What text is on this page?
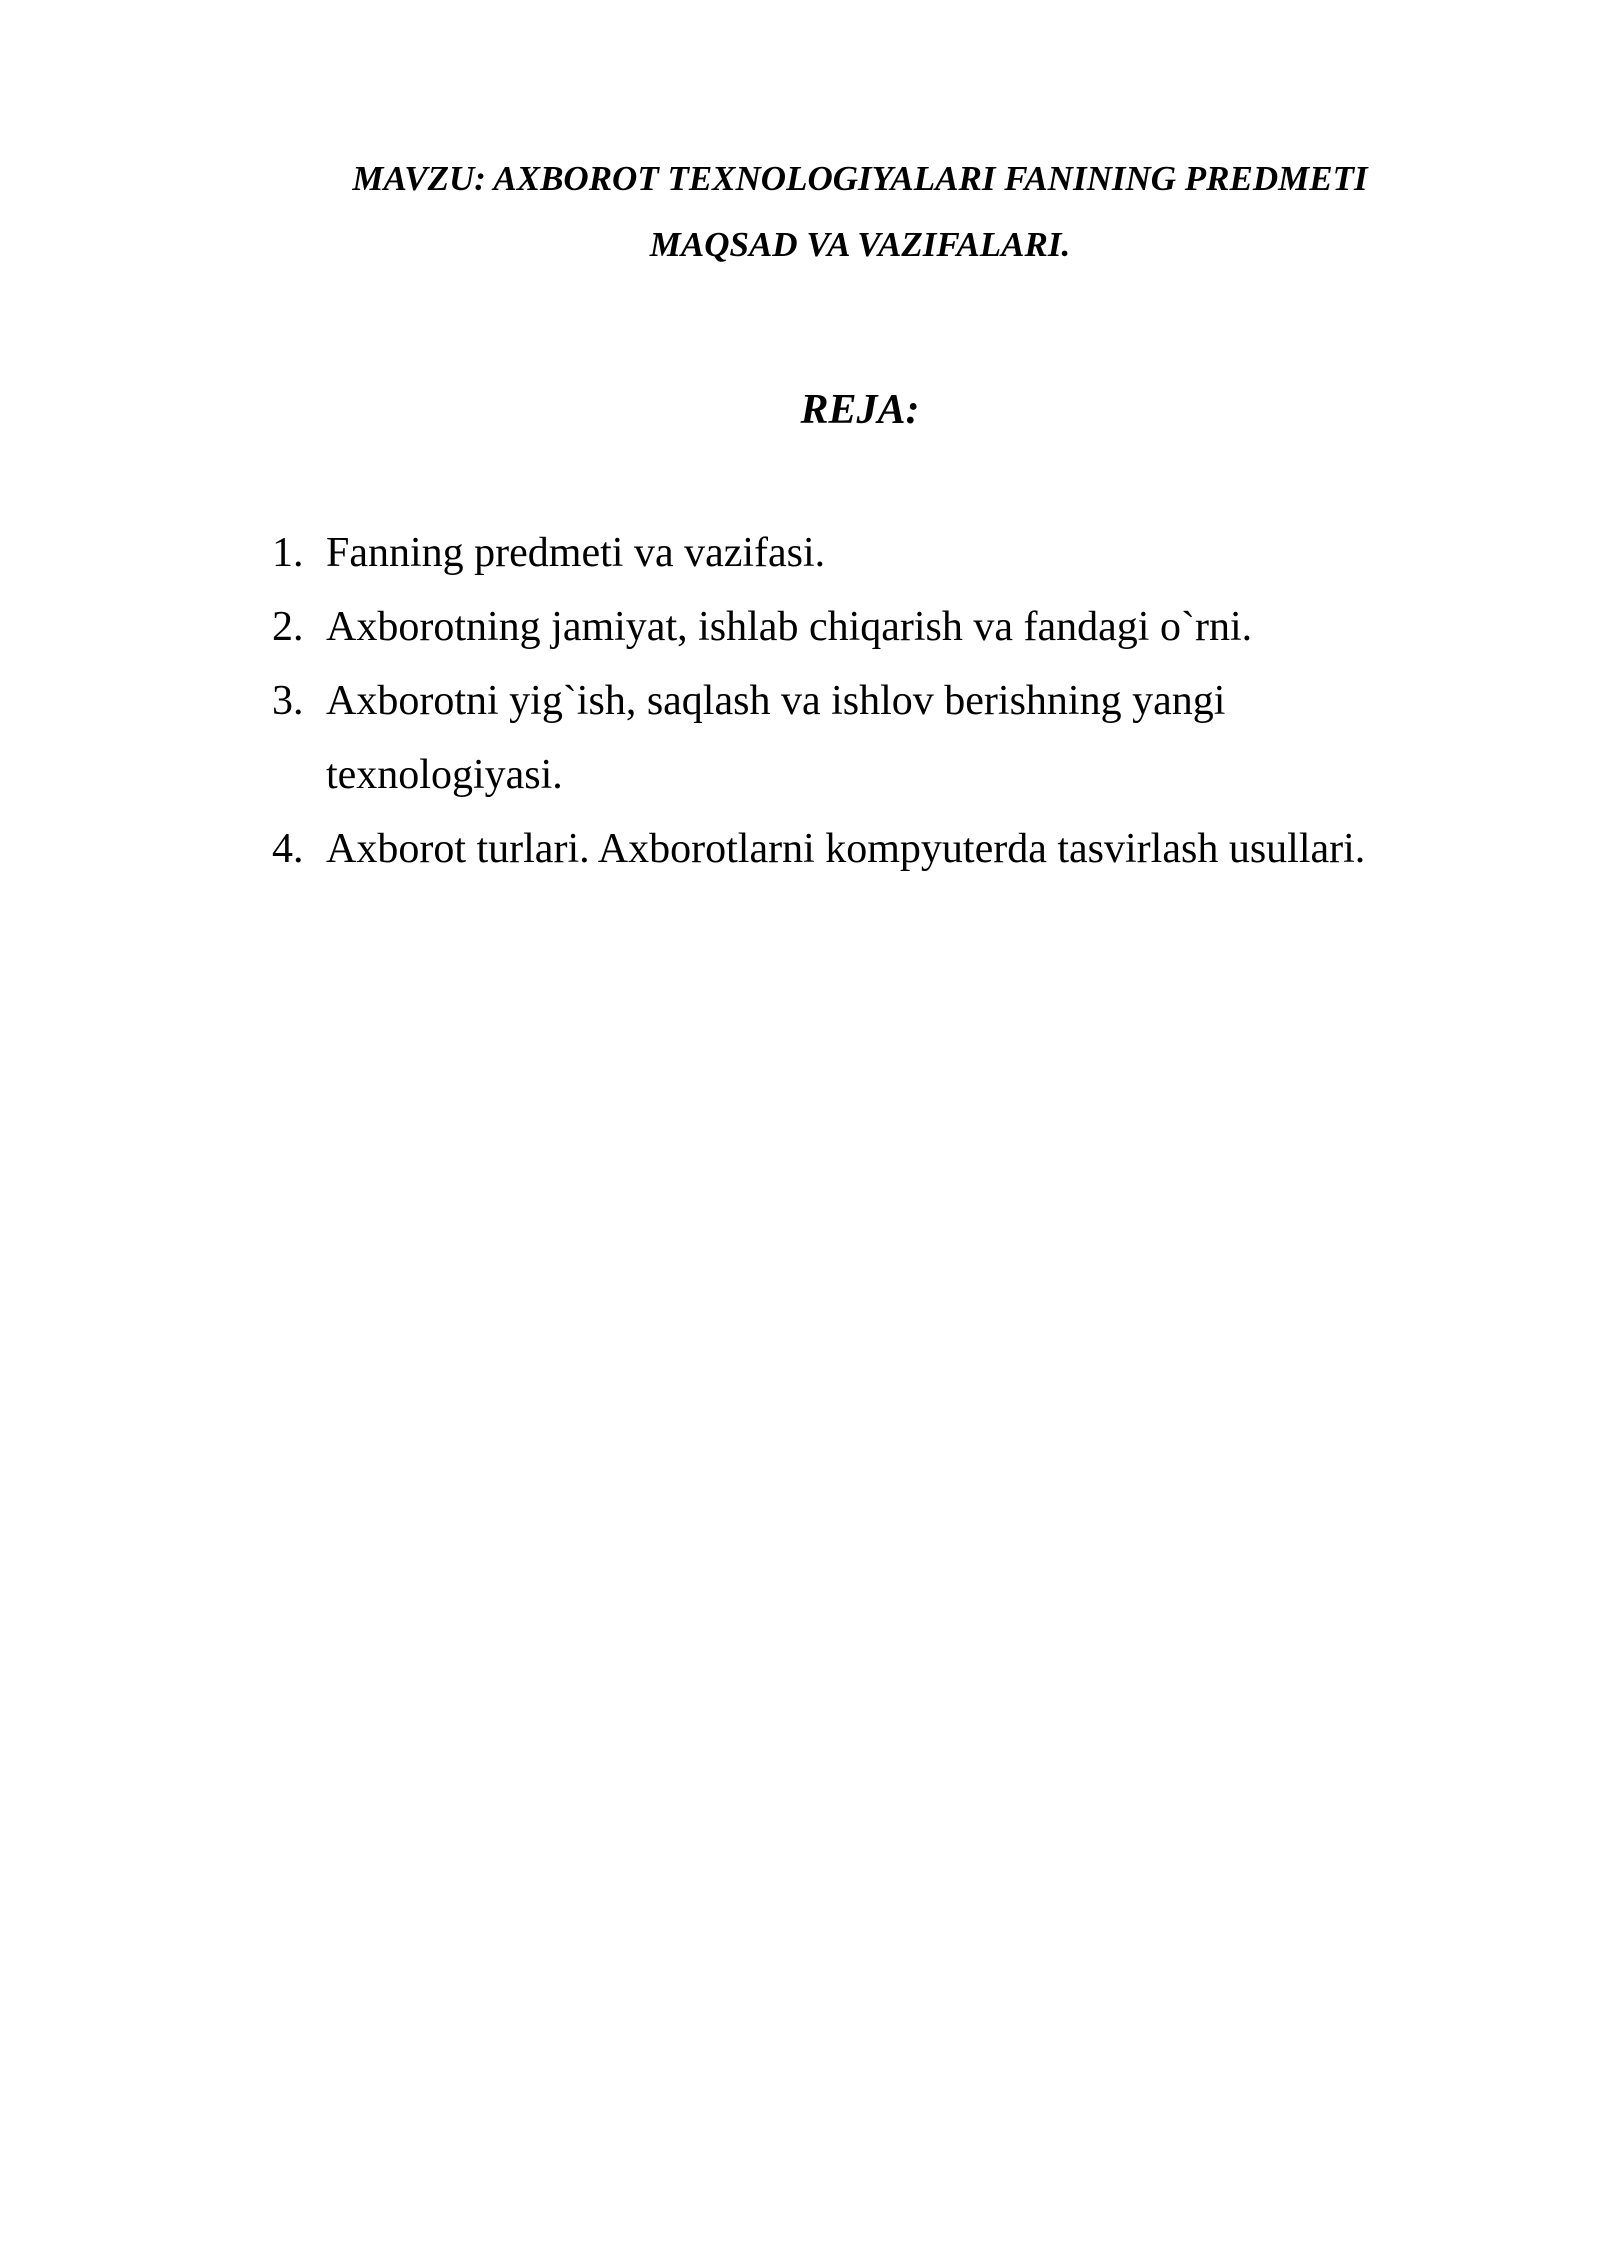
MAVZU: AXBOROT TEXNOLOGIYALARI FANINING PREDMETI
MAQSAD VA VAZIFALARI.
REJA:
1. Fanning predmeti va vazifasi.
2. Axborotning jamiyat, ishlab chiqarish va fandagi o`rni.
3. Axborotni yig`ish, saqlash va ishlov berishning yangi texnologiyasi.
4. Axborot turlari. Axborotlarni kompyuterda tasvirlash usullari.
